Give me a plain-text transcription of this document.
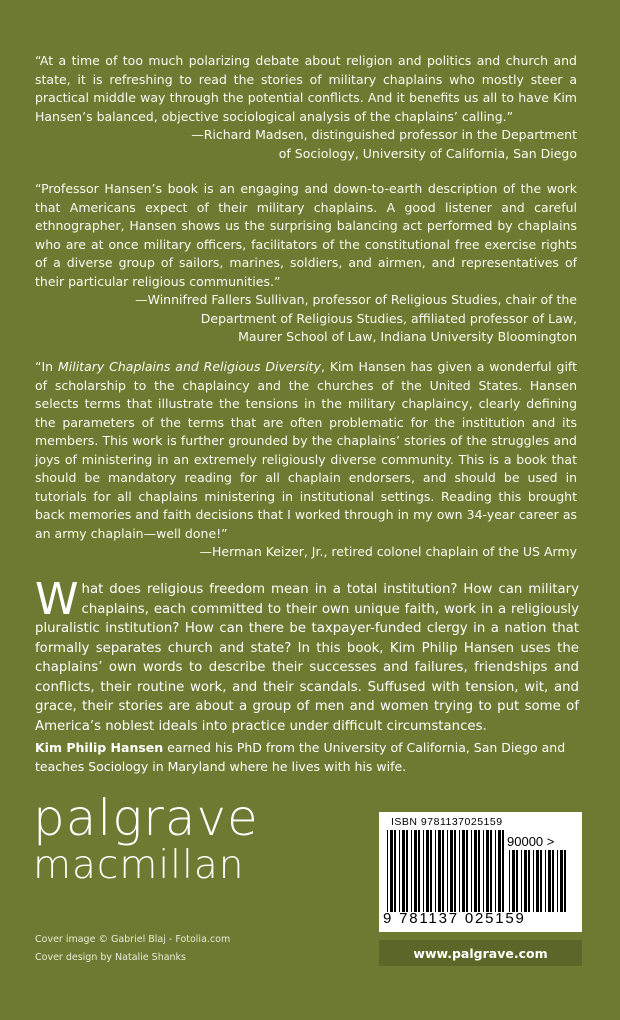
“At a time of too much polarizing debate about religion and politics and church and state, it is refreshing to read the stories of military chaplains who mostly steer a practical middle way through the potential conflicts. And it benefits us all to have Kim Hansen’s balanced, objective sociological analysis of the chaplains’ calling.”
—Richard Madsen, distinguished professor in the Department
of Sociology, University of California, San Diego
“Professor Hansen’s book is an engaging and down-to-earth description of the work that Americans expect of their military chaplains. A good listener and careful ethnographer, Hansen shows us the surprising balancing act performed by chaplains who are at once military officers, facilitators of the constitutional free exercise rights of a diverse group of sailors, marines, soldiers, and airmen, and representatives of their particular religious communities.”
—Winnifred Fallers Sullivan, professor of Religious Studies, chair of the
Department of Religious Studies, affiliated professor of Law,
Maurer School of Law, Indiana University Bloomington
“In Military Chaplains and Religious Diversity, Kim Hansen has given a wonderful gift of scholarship to the chaplaincy and the churches of the United States. Hansen selects terms that illustrate the tensions in the military chaplaincy, clearly defining the parameters of the terms that are often problematic for the institution and its members. This work is further grounded by the chaplains’ stories of the struggles and joys of ministering in an extremely religiously diverse community. This is a book that should be mandatory reading for all chaplain endorsers, and should be used in tutorials for all chaplains ministering in institutional settings. Reading this brought back memories and faith decisions that I worked through in my own 34-year career as an army chaplain—well done!”
—Herman Keizer, Jr., retired colonel chaplain of the US Army
What does religious freedom mean in a total institution? How can military chaplains, each committed to their own unique faith, work in a religiously pluralistic institution? How can there be taxpayer-funded clergy in a nation that formally separates church and state? In this book, Kim Philip Hansen uses the chaplains’ own words to describe their successes and failures, friendships and conflicts, their routine work, and their scandals. Suffused with tension, wit, and grace, their stories are about a group of men and women trying to put some of America’s noblest ideals into practice under difficult circumstances.
Kim Philip Hansen earned his PhD from the University of California, San Diego and teaches Sociology in Maryland where he lives with his wife.
palgrave
macmillan
Cover image © Gabriel Blaj - Fotolia.com
Cover design by Natalie Shanks
ISBN 9781137025159
90000 >
9 781137 025159
www.palgrave.com
